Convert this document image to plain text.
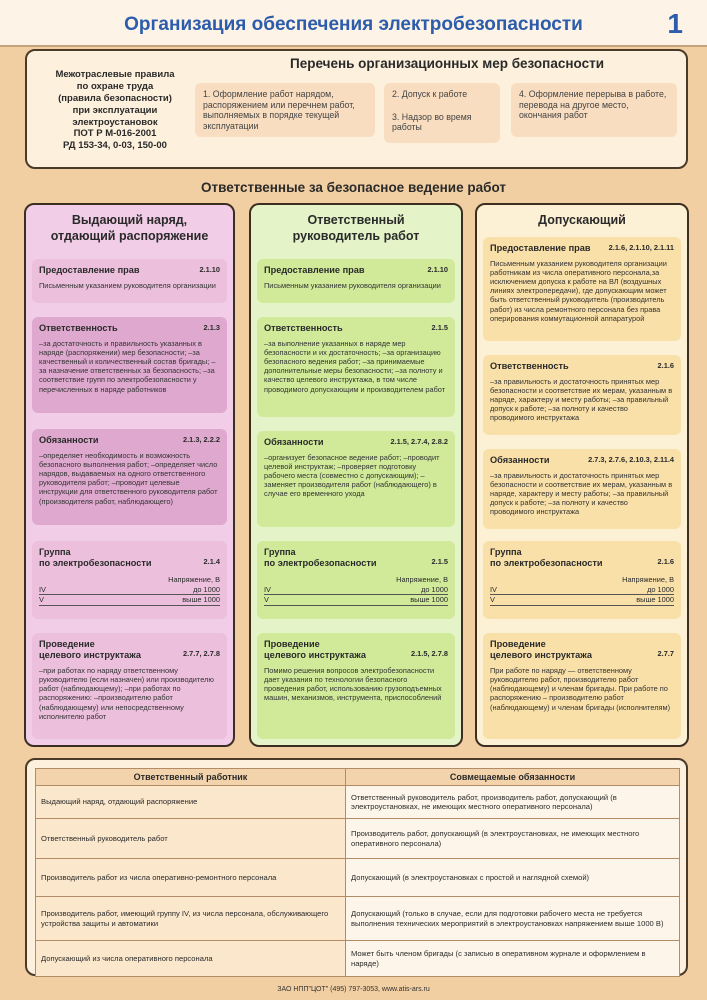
Организация обеспечения электробезопасности	1
Межотраслевые правила
по охране труда
(правила безопасности)
при эксплуатации
электроустановок
ПОТ Р М-016-2001
РД 153-34, 0-03, 150-00
Перечень организационных мер безопасности
1. Оформление работ нарядом, распоряжением или перечнем работ, выполняемых в порядке текущей эксплуатации

2. Допуск к работе

3. Надзор во время работы

4. Оформление перерыва в работе, перевода на другое место, окончания работ
Ответственные за безопасное ведение работ
Выдающий наряд,
отдающий распоряжение
Предоставление прав	2.1.10
Письменным указанием руководителя организации
Ответственность	2.1.3
–за достаточность и правильность указанных в наряде (распоряжении) мер безопасности; –за качественный и количественный состав бригады; –за назначение ответственных за безопасность; –за соответствие групп по электробезопасности у перечисленных в наряде работников
Обязанности	2.1.3, 2.2.2
–определяет необходимость и возможность безопасного выполнения работ; –определяет число нарядов, выдаваемых на одного ответственного руководителя работ; –проводит целевые инструкции для ответственного руководителя работ (производителя работ, наблюдающего)
Группа
по электробезопасности	2.1.4
Напряжение, В
IV	до 1000
V	выше 1000
Проведение
целевого инструктажа	2.7.7, 2.7.8
–при работах по наряду ответственному руководителю (если назначен) или производителю работ (наблюдающему); –при работах по распоряжению: –производителю работ (наблюдающему) или непосредственному исполнителю работ
Ответственный
руководитель работ
Предоставление прав	2.1.10
Письменным указанием руководителя организации
Ответственность	2.1.5
–за выполнение указанных в наряде мер безопасности и их достаточность; –за организацию безопасного ведения работ; –за принимаемые дополнительные меры безопасности; –за полноту и качество целевого инструктажа, в том числе проводимого допускающим и производителем работ
Обязанности	2.1.5, 2.7.4, 2.8.2
–организует безопасное ведение работ; –проводит целевой инструктаж; –проверяет подготовку рабочего места (совместно с допускающим); –заменяет производителя работ (наблюдающего) в случае его временного ухода
Группа
по электробезопасности	2.1.5
Напряжение, В
IV	до 1000
V	выше 1000
Проведение
целевого инструктажа	2.1.5, 2.7.8
Помимо решения вопросов электробезопасности дает указания по технологии безопасного проведения работ, использованию грузоподъемных машин, механизмов, инструмента, приспособлений
Допускающий
Предоставление прав 2.1.6, 2.1.10, 2.1.11
Письменным указанием руководителя организации работникам из числа оперативного персонала,за исключением допуска к работе на ВЛ (воздушных линиях электропередачи), где допускающим может быть ответственный руководитель (производитель работ) из числа ремонтного персонала без права оперирования коммутационной аппаратурой
Ответственность	2.1.6
–за правильность и достаточность принятых мер безопасности и соответствие их мерам, указанным в наряде, характеру и месту работы; –за правильный допуск к работе; –за полноту и качество проводимого инструктажа
Обязанности	2.7.3, 2.7.6, 2.10.3, 2.11.4
–за правильность и достаточность принятых мер безопасности и соответствие их мерам, указанным в наряде, характеру и месту работы; –за правильный допуск к работе; –за полноту и качество проводимого инструктажа
Группа
по электробезопасности	2.1.6
Напряжение, В
IV	до 1000
V	выше 1000
Проведение
целевого инструктажа	2.7.7
При работе по наряду — ответственному руководителю работ, производителю работ (наблюдающему) и членам бригады. При работе по распоряжению – производителю работ (наблюдающему) и членам бригады (исполнителям)
Ответственный работник	Совмещаемые обязанности
Выдающий наряд, отдающий распоряжение	Ответственный руководитель работ, производитель работ, допускающий (в электроустановках, не имеющих местного оперативного персонала)
Ответственный руководитель работ	Производитель работ, допускающий (в электроустановках, не имеющих местного оперативного персонала)
Производитель работ из числа оперативно-ремонтного персонала	Допускающий (в электроустановках с простой и наглядной схемой)
Производитель работ, имеющий группу IV, из числа персонала, обслуживающего устройства защиты и автоматики	Допускающий (только в случае, если для подготовки рабочего места не требуется выполнения технических мероприятий в электроустановках напряжением выше 1000 В)
Допускающий из числа оперативного персонала	Может быть членом бригады (с записью в оперативном журнале и оформлением в наряде)
ЗАО НПП"ЦОТ" (495) 797-3053, www.atis-ars.ru
